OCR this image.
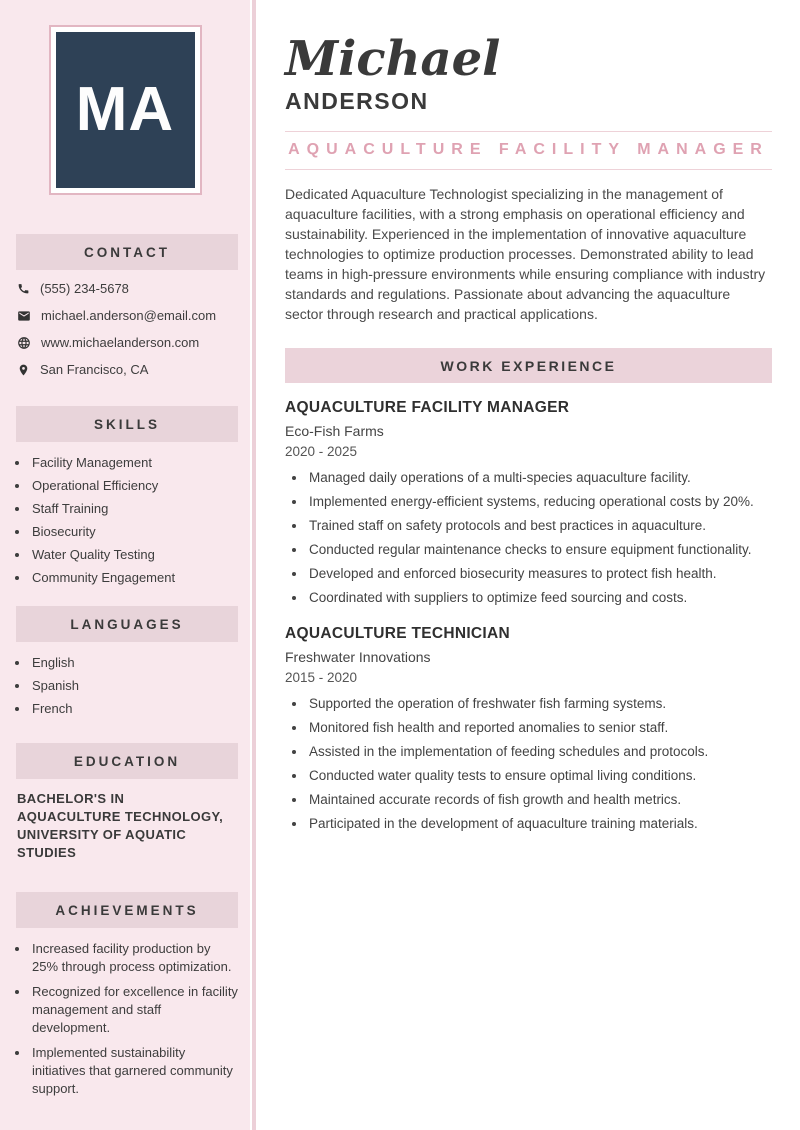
MA
CONTACT
(555) 234-5678
michael.anderson@email.com
www.michaelanderson.com
San Francisco, CA
SKILLS
• Facility Management
• Operational Efficiency
• Staff Training
• Biosecurity
• Water Quality Testing
• Community Engagement
LANGUAGES
• English
• Spanish
• French
EDUCATION

BACHELOR'S IN AQUACULTURE TECHNOLOGY, UNIVERSITY OF AQUATIC STUDIES

ACHIEVEMENTS
• Increased facility production by 25% through process optimization.
• Recognized for excellence in facility management and staff development.
• Implemented sustainability initiatives that garnered community support.
Michael
ANDERSON
AQUACULTURE FACILITY MANAGER

Dedicated Aquaculture Technologist specializing in the management of aquaculture facilities, with a strong emphasis on operational efficiency and sustainability. Experienced in the implementation of innovative aquaculture technologies to optimize production processes. Demonstrated ability to lead teams in high-pressure environments while ensuring compliance with industry standards and regulations. Passionate about advancing the aquaculture sector through research and practical applications.

WORK EXPERIENCE
AQUACULTURE FACILITY MANAGER
Eco-Fish Farms
2020 - 2025
• Managed daily operations of a multi-species aquaculture facility.
• Implemented energy-efficient systems, reducing operational costs by 20%.
• Trained staff on safety protocols and best practices in aquaculture.
• Conducted regular maintenance checks to ensure equipment functionality.
• Developed and enforced biosecurity measures to protect fish health.
• Coordinated with suppliers to optimize feed sourcing and costs.
AQUACULTURE TECHNICIAN
Freshwater Innovations
2015 - 2020
• Supported the operation of freshwater fish farming systems.
• Monitored fish health and reported anomalies to senior staff.
• Assisted in the implementation of feeding schedules and protocols.
• Conducted water quality tests to ensure optimal living conditions.
• Maintained accurate records of fish growth and health metrics.
• Participated in the development of aquaculture training materials.
